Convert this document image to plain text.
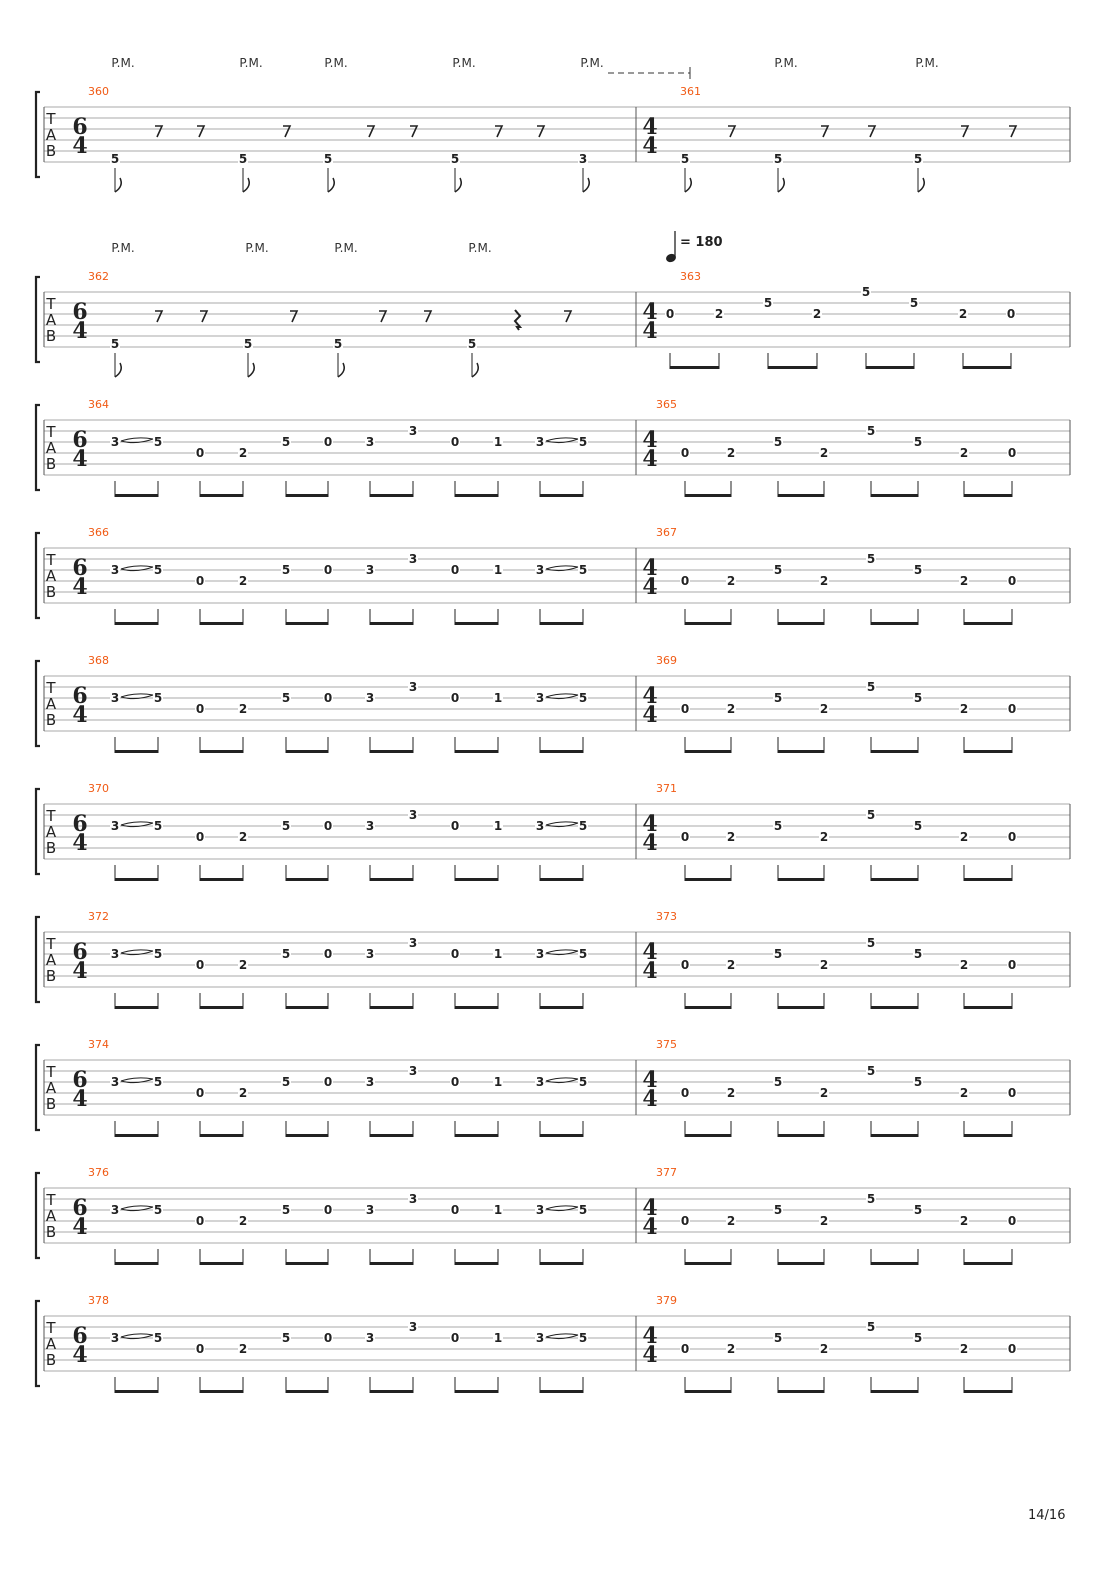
T
A
B
P.M.	P.M.	P.M.	P.M.	P.M.	P.M.	P.M.
360
6
4 5	5	5	5	3
361
4
4 5	5	5
T
A
B
P.M.	P.M.	P.M.	P.M.
362
6
4 5	5	5	5
363
4
4
0	2
5
2
5
5
2	0
= 180
T
A
B
364
6
4
3	5
0	2
5	0	3
3
0	1	3	5
365
4
4 0	2
5
2
5
5
2	0
T
A
B
366
6
4
3	5
0	2
5	0	3
3
0	1	3	5
367
4
4 0	2
5
2
5
5
2	0
T
A
B
368
6
4
3	5
0	2
5	0	3
3
0	1	3	5
369
4
4 0	2
5
2
5
5
2	0
T
A
B
370
6
4
3	5
0	2
5	0	3
3
0	1	3	5
371
4
4 0	2
5
2
5
5
2	0
T
A
B
372
6
4
3	5
0	2
5	0	3
3
0	1	3	5
373
4
4 0	2
5
2
5
5
2	0
T
A
B
374
6
4
3	5
0	2
5	0	3
3
0	1	3	5
375
4
4 0	2
5
2
5
5
2	0
T
A
B
376
6
4
3	5
0	2
5	0	3
3
0	1	3	5
377
4
4 0	2
5
2
5
5
2	0
T
A
B
378
6
4
3	5
0	2
5	0	3
3
0	1	3	5
379
4
4 0	2
5
2
5
5
2	0
14/16
